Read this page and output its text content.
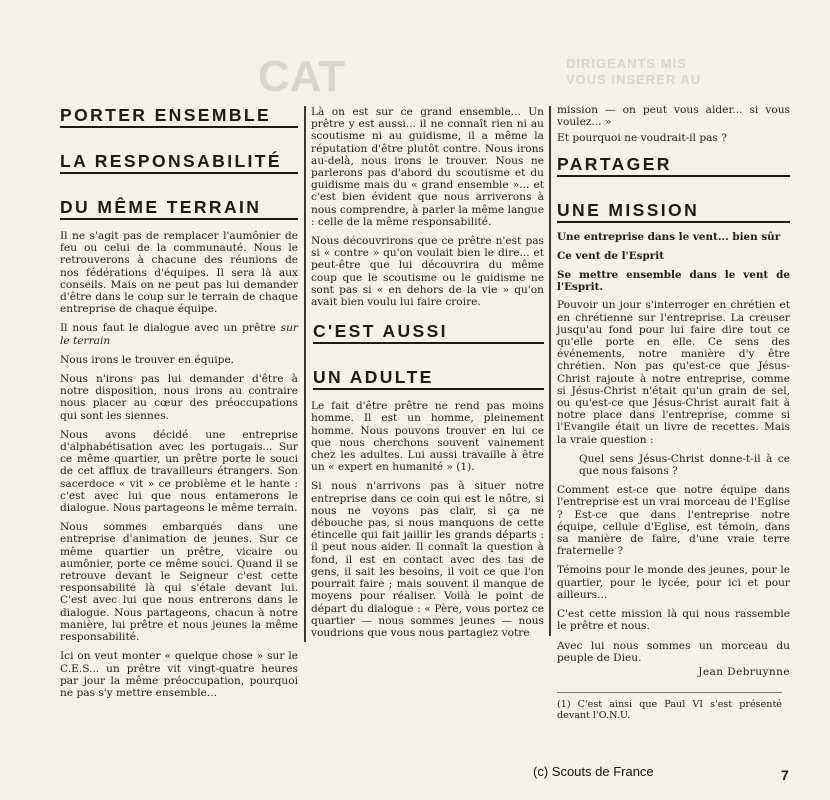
CAT	DIRIGEANTS MIS
VOUS INSERER AU
PORTER ENSEMBLE

LA RESPONSABILITÉ

DU MÊME TERRAIN

Il ne s'agit pas de remplacer l'aumônier de feu ou celui de la communauté. Nous le retrouverons à chacune des réunions de nos fédérations d'équipes. Il sera là aux conseils. Mais on ne peut pas lui demander d'être dans le coup sur le terrain de chaque entreprise de chaque équipe.

Il nous faut le dialogue avec un prêtre sur le terrain

Nous irons le trouver en équipe.

Nous n'irons pas lui demander d'être à notre disposition, nous irons au contraire nous placer au cœur des préoccupations qui sont les siennes.

Nous avons décidé une entreprise d'alphabétisation avec les portugais... Sur ce même quartier, un prêtre porte le souci de cet afflux de travailleurs étrangers. Son sacerdoce « vit » ce problème et le hante : c'est avec lui que nous entamerons le dialogue. Nous partageons le même terrain.

Nous sommes embarqués dans une entreprise d'animation de jeunes. Sur ce même quartier un prêtre, vicaire ou aumônier, porte ce même souci. Quand il se retrouve devant le Seigneur c'est cette responsabilité là qui s'étale devant lui. C'est avec lui que nous entrerons dans le dialogue. Nous partageons, chacun à notre manière, lui prêtre et nous jeunes la même responsabilité.

Ici on veut monter « quelque chose » sur le C.E.S... un prêtre vit vingt-quatre heures par jour la même préoccupation, pourquoi ne pas s'y mettre ensemble...

Là on est sur ce grand ensemble... Un prêtre y est aussi... il ne connaît rien ni au scoutisme ni au guidisme, il a même la réputation d'être plutôt contre. Nous irons au-delà, nous irons le trouver. Nous ne parlerons pas d'abord du scoutisme et du guidisme mais du « grand ensemble »... et c'est bien évident que nous arriverons à nous comprendre, à parler la même langue : celle de la même responsabilité.

Nous découvrirons que ce prêtre n'est pas si « contre » qu'on voulait bien le dire... et peut-être que lui découvrira du même coup que le scoutisme ou le guidisme ne sont pas si « en dehors de la vie » qu'on avait bien voulu lui faire croire.

C'EST AUSSI

UN ADULTE

Le fait d'être prêtre ne rend pas moins homme. Il est un homme, pleinement homme. Nous pouvons trouver en lui ce que nous cherchons souvent vainement chez les adultes. Lui aussi travaille à être un « expert en humanité » (1).

Si nous n'arrivons pas à situer notre entreprise dans ce coin qui est le nôtre, si nous ne voyons pas clair, si ça ne débouche pas, si nous manquons de cette étincelle qui fait jaillir les grands départs : il peut nous aider. Il connaît la question à fond, il est en contact avec des tas de gens, il sait les besoins, il voit ce que l'on pourrait faire ; mais souvent il manque de moyens pour réaliser. Voilà le point de départ du dialogue : « Père, vous portez ce quartier — nous sommes jeunes — nous voudrions que vous nous partagiez votre

mission — on peut vous aider... si vous voulez... »

Et pourquoi ne voudrait-il pas ?

PARTAGER

UNE MISSION

Une entreprise dans le vent... bien sûr

Ce vent de l'Esprit

Se mettre ensemble dans le vent de l'Esprit.

Pouvoir un jour s'interroger en chrétien et en chrétienne sur l'entreprise. La creuser jusqu'au fond pour lui faire dire tout ce qu'elle porte en elle. Ce sens des événements, notre manière d'y être chrétien. Non pas qu'est-ce que Jésus-Christ rajoute à notre entreprise, comme si Jésus-Christ n'était qu'un grain de sel, ou qu'est-ce que Jésus-Christ aurait fait à notre place dans l'entreprise, comme si l'Evangile était un livre de recettes. Mais la vraie question :

Quel sens Jésus-Christ donne-t-il à ce que nous faisons ?

Comment est-ce que notre équipe dans l'entreprise est un vrai morceau de l'Eglise ? Est-ce que dans l'entreprise notre équipe, cellule d'Eglise, est témoin, dans sa manière de faire, d'une vraie terre fraternelle ?

Témoins pour le monde des jeunes, pour le quartier, pour le lycée, pour ici et pour ailleurs...

C'est cette mission là qui nous rassemble le prêtre et nous.

Avec lui nous sommes un morceau du peuple de Dieu.

Jean Debruynne
(1) C'est ainsi que Paul VI s'est présenté devant l'O.N.U.
(c) Scouts de France	7
